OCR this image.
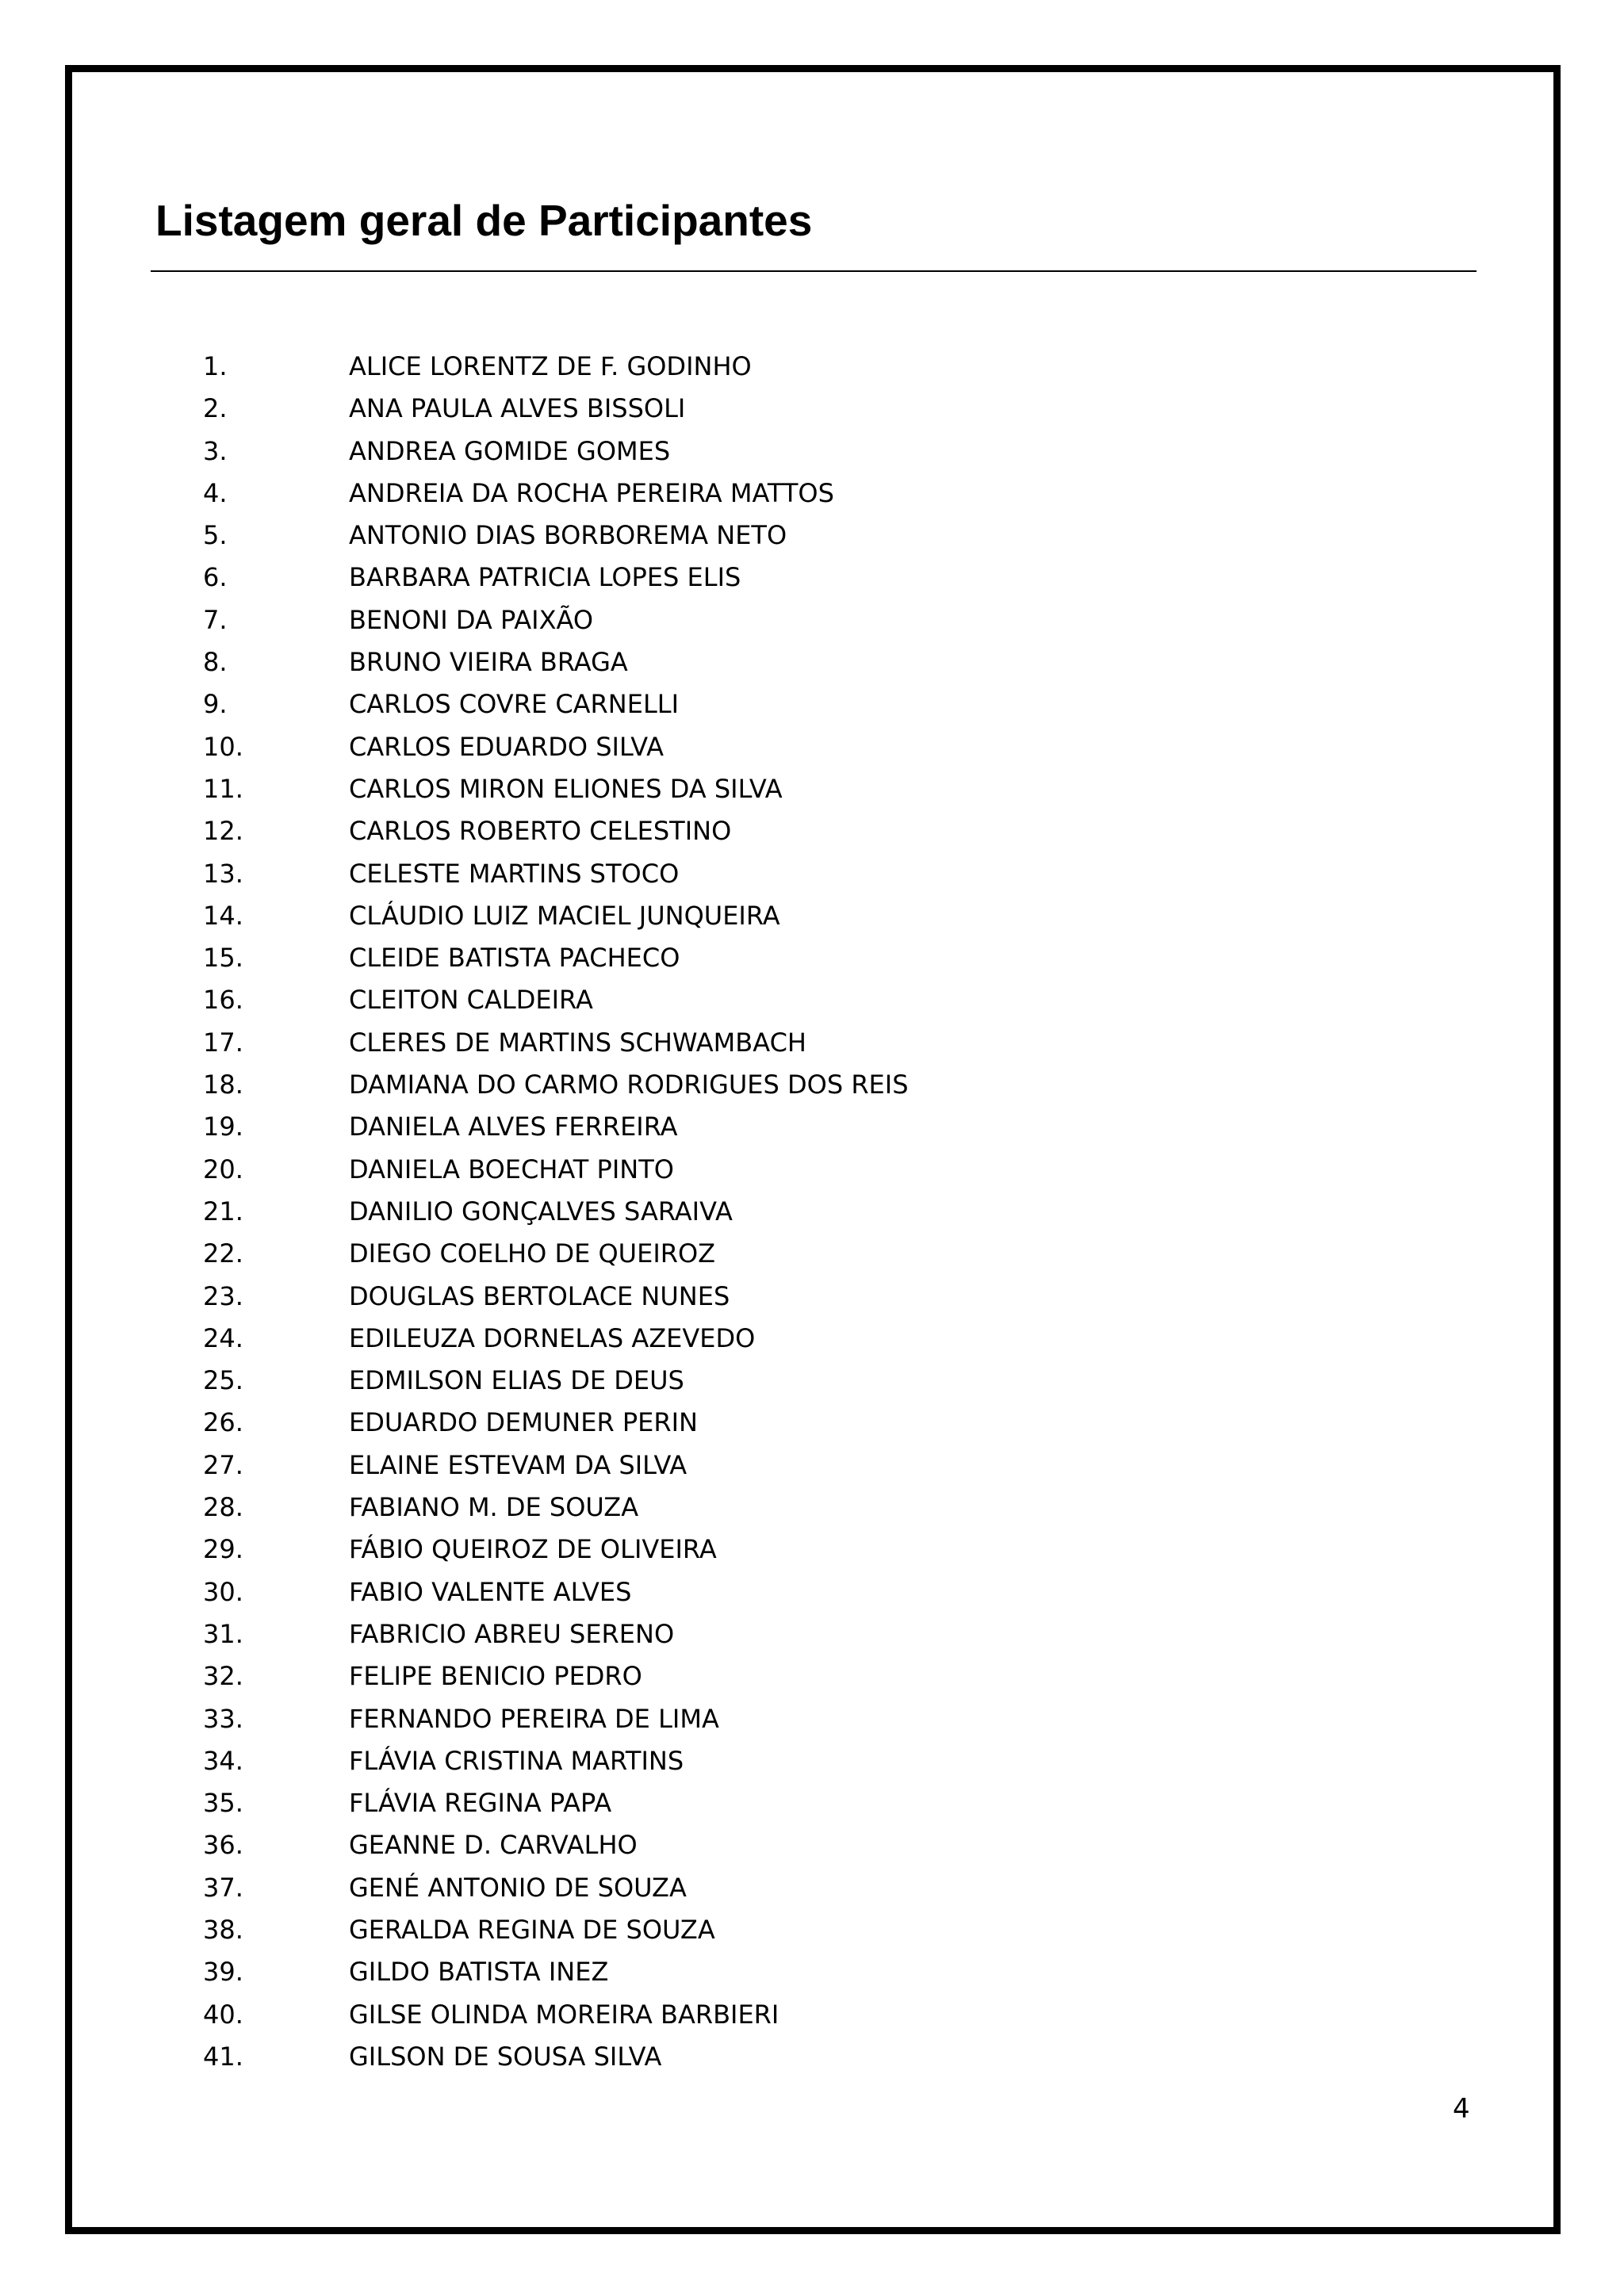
Listagem geral de Participantes
1.	ALICE LORENTZ DE F. GODINHO
2.	ANA PAULA ALVES BISSOLI
3.	ANDREA GOMIDE GOMES
4.	ANDREIA DA ROCHA PEREIRA MATTOS
5.	ANTONIO DIAS BORBOREMA NETO
6.	BARBARA PATRICIA LOPES ELIS
7.	BENONI DA PAIXÃO
8.	BRUNO VIEIRA BRAGA
9.	CARLOS COVRE CARNELLI
10.	CARLOS EDUARDO SILVA
11.	CARLOS MIRON ELIONES DA SILVA
12.	CARLOS ROBERTO CELESTINO
13.	CELESTE MARTINS STOCO
14.	CLÁUDIO LUIZ MACIEL JUNQUEIRA
15.	CLEIDE BATISTA PACHECO
16.	CLEITON CALDEIRA
17.	CLERES DE MARTINS SCHWAMBACH
18.	DAMIANA DO CARMO RODRIGUES DOS REIS
19.	DANIELA ALVES FERREIRA
20.	DANIELA BOECHAT PINTO
21.	DANILIO GONÇALVES SARAIVA
22.	DIEGO COELHO DE QUEIROZ
23.	DOUGLAS BERTOLACE NUNES
24.	EDILEUZA DORNELAS AZEVEDO
25.	EDMILSON ELIAS DE DEUS
26.	EDUARDO DEMUNER PERIN
27.	ELAINE ESTEVAM DA SILVA
28.	FABIANO M. DE SOUZA
29.	FÁBIO QUEIROZ DE OLIVEIRA
30.	FABIO VALENTE ALVES
31.	FABRICIO ABREU SERENO
32.	FELIPE BENICIO PEDRO
33.	FERNANDO PEREIRA DE LIMA
34.	FLÁVIA CRISTINA MARTINS
35.	FLÁVIA REGINA PAPA
36.	GEANNE D. CARVALHO
37.	GENÉ ANTONIO DE SOUZA
38.	GERALDA REGINA DE SOUZA
39.	GILDO BATISTA INEZ
40.	GILSE OLINDA MOREIRA BARBIERI
41.	GILSON DE SOUSA SILVA
4
